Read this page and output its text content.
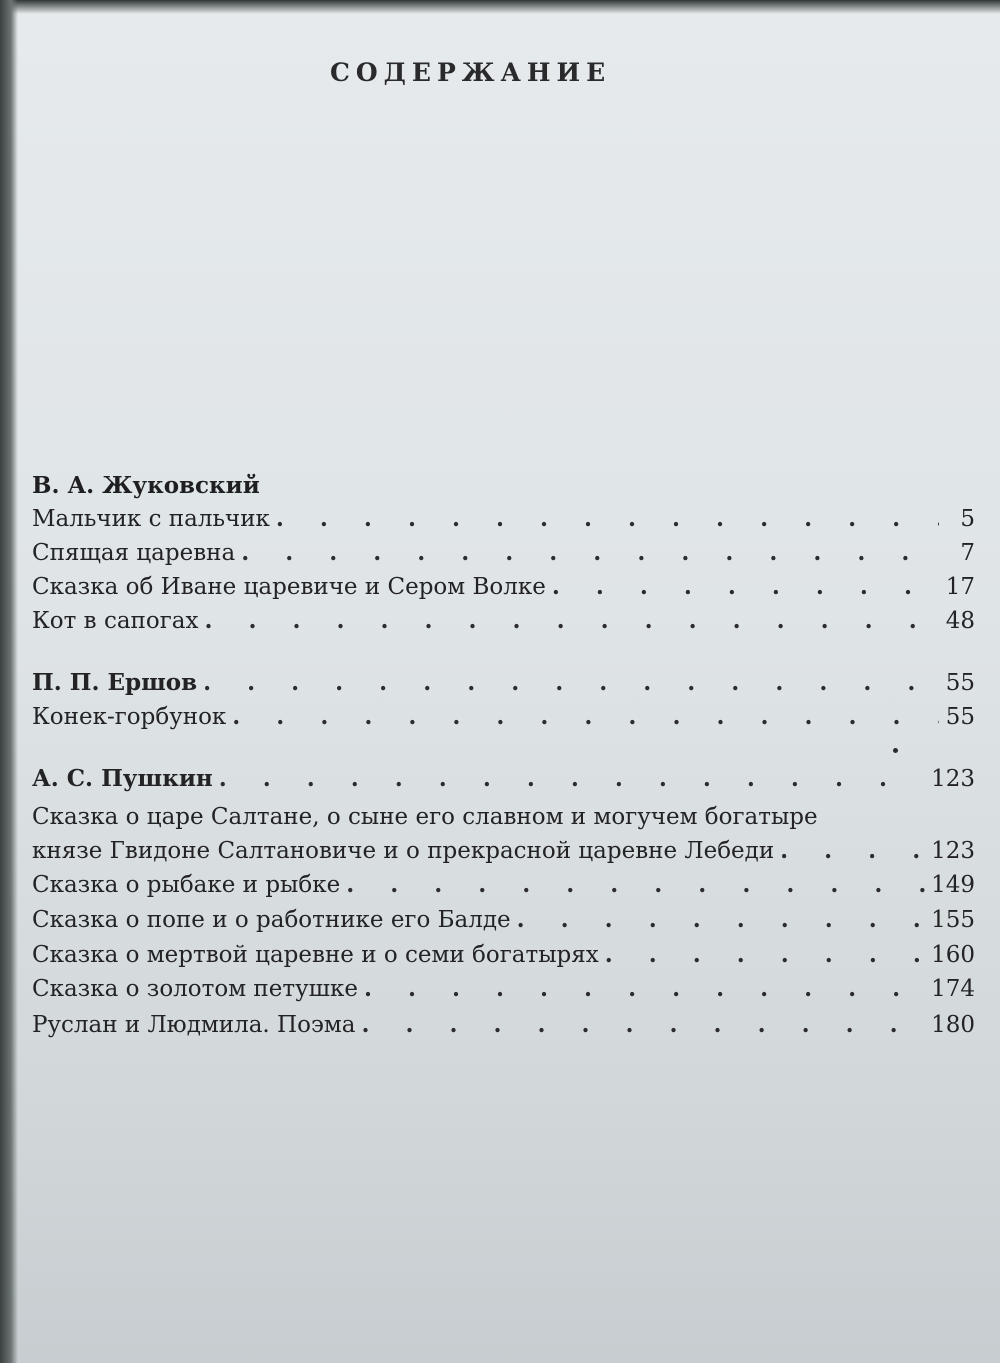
СОДЕРЖАНИЕ
В. А. Жуковский
Мальчик с пальчик . . .	5
Спящая царевна . . .	7
Сказка об Иване царевиче и Сером Волке . . .	17
Кот в сапогах . . .	48
П. П. Ершов . . .	55
Конек-горбунок . . .	55
А. С. Пушкин . . .	123
Сказка о царе Салтане, о сыне его славном и могучем богатыре
князе Гвидоне Салтановиче и о прекрасной царевне Лебеди . . .	123
Сказка о рыбаке и рыбке . . .	149
Сказка о попе и о работнике его Балде . . .	155
Сказка о мертвой царевне и о семи богатырях . . .	160
Сказка о золотом петушке . . .	174
Руслан и Людмила. Поэма . . .	180
